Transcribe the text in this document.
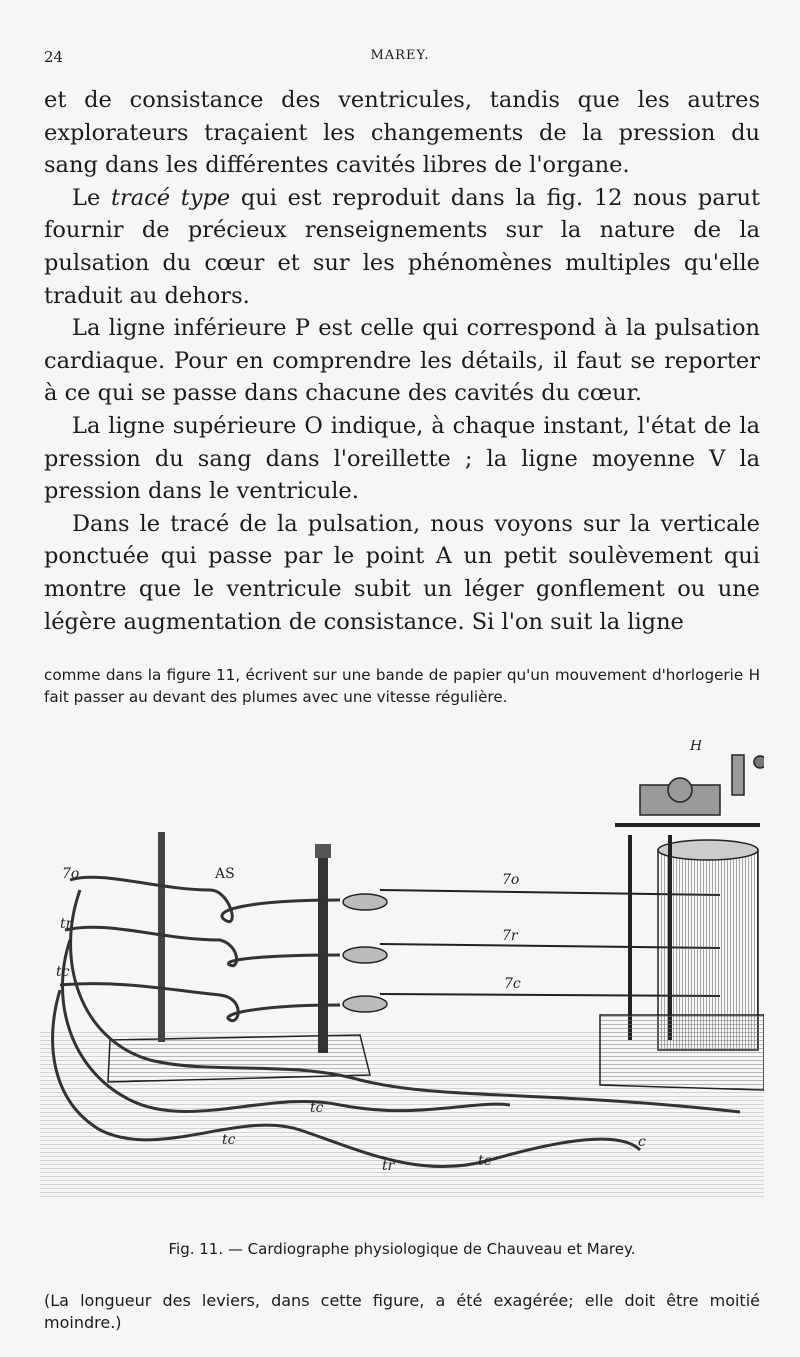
24	MAREY.

et de consistance des ventricules, tandis que les autres explorateurs traçaient les changements de la pression du sang dans les différentes cavités libres de l'organe.

Le tracé type qui est reproduit dans la fig. 12 nous parut fournir de précieux renseignements sur la nature de la pulsation du cœur et sur les phénomènes multiples qu'elle traduit au dehors.

La ligne inférieure P est celle qui correspond à la pulsation cardiaque. Pour en comprendre les détails, il faut se reporter à ce qui se passe dans chacune des cavités du cœur.

La ligne supérieure O indique, à chaque instant, l'état de la pression du sang dans l'oreillette ; la ligne moyenne V la pression dans le ventricule.

Dans le tracé de la pulsation, nous voyons sur la verticale ponctuée qui passe par le point A un petit soulèvement qui montre que le ventricule subit un léger gonflement ou une légère augmentation de consistance. Si l'on suit la ligne

comme dans la figure 11, écrivent sur une bande de papier qu'un mouvement d'horlogerie H fait passer au devant des plumes avec une vitesse régulière.
H
AS
7o
tr
tc
7o
7r
7c
tc
tc
tr	tc
c
Fig. 11. — Cardiographe physiologique de Chauveau et Marey.
(La longueur des leviers, dans cette figure, a été exagérée; elle doit être moitié moindre.)
